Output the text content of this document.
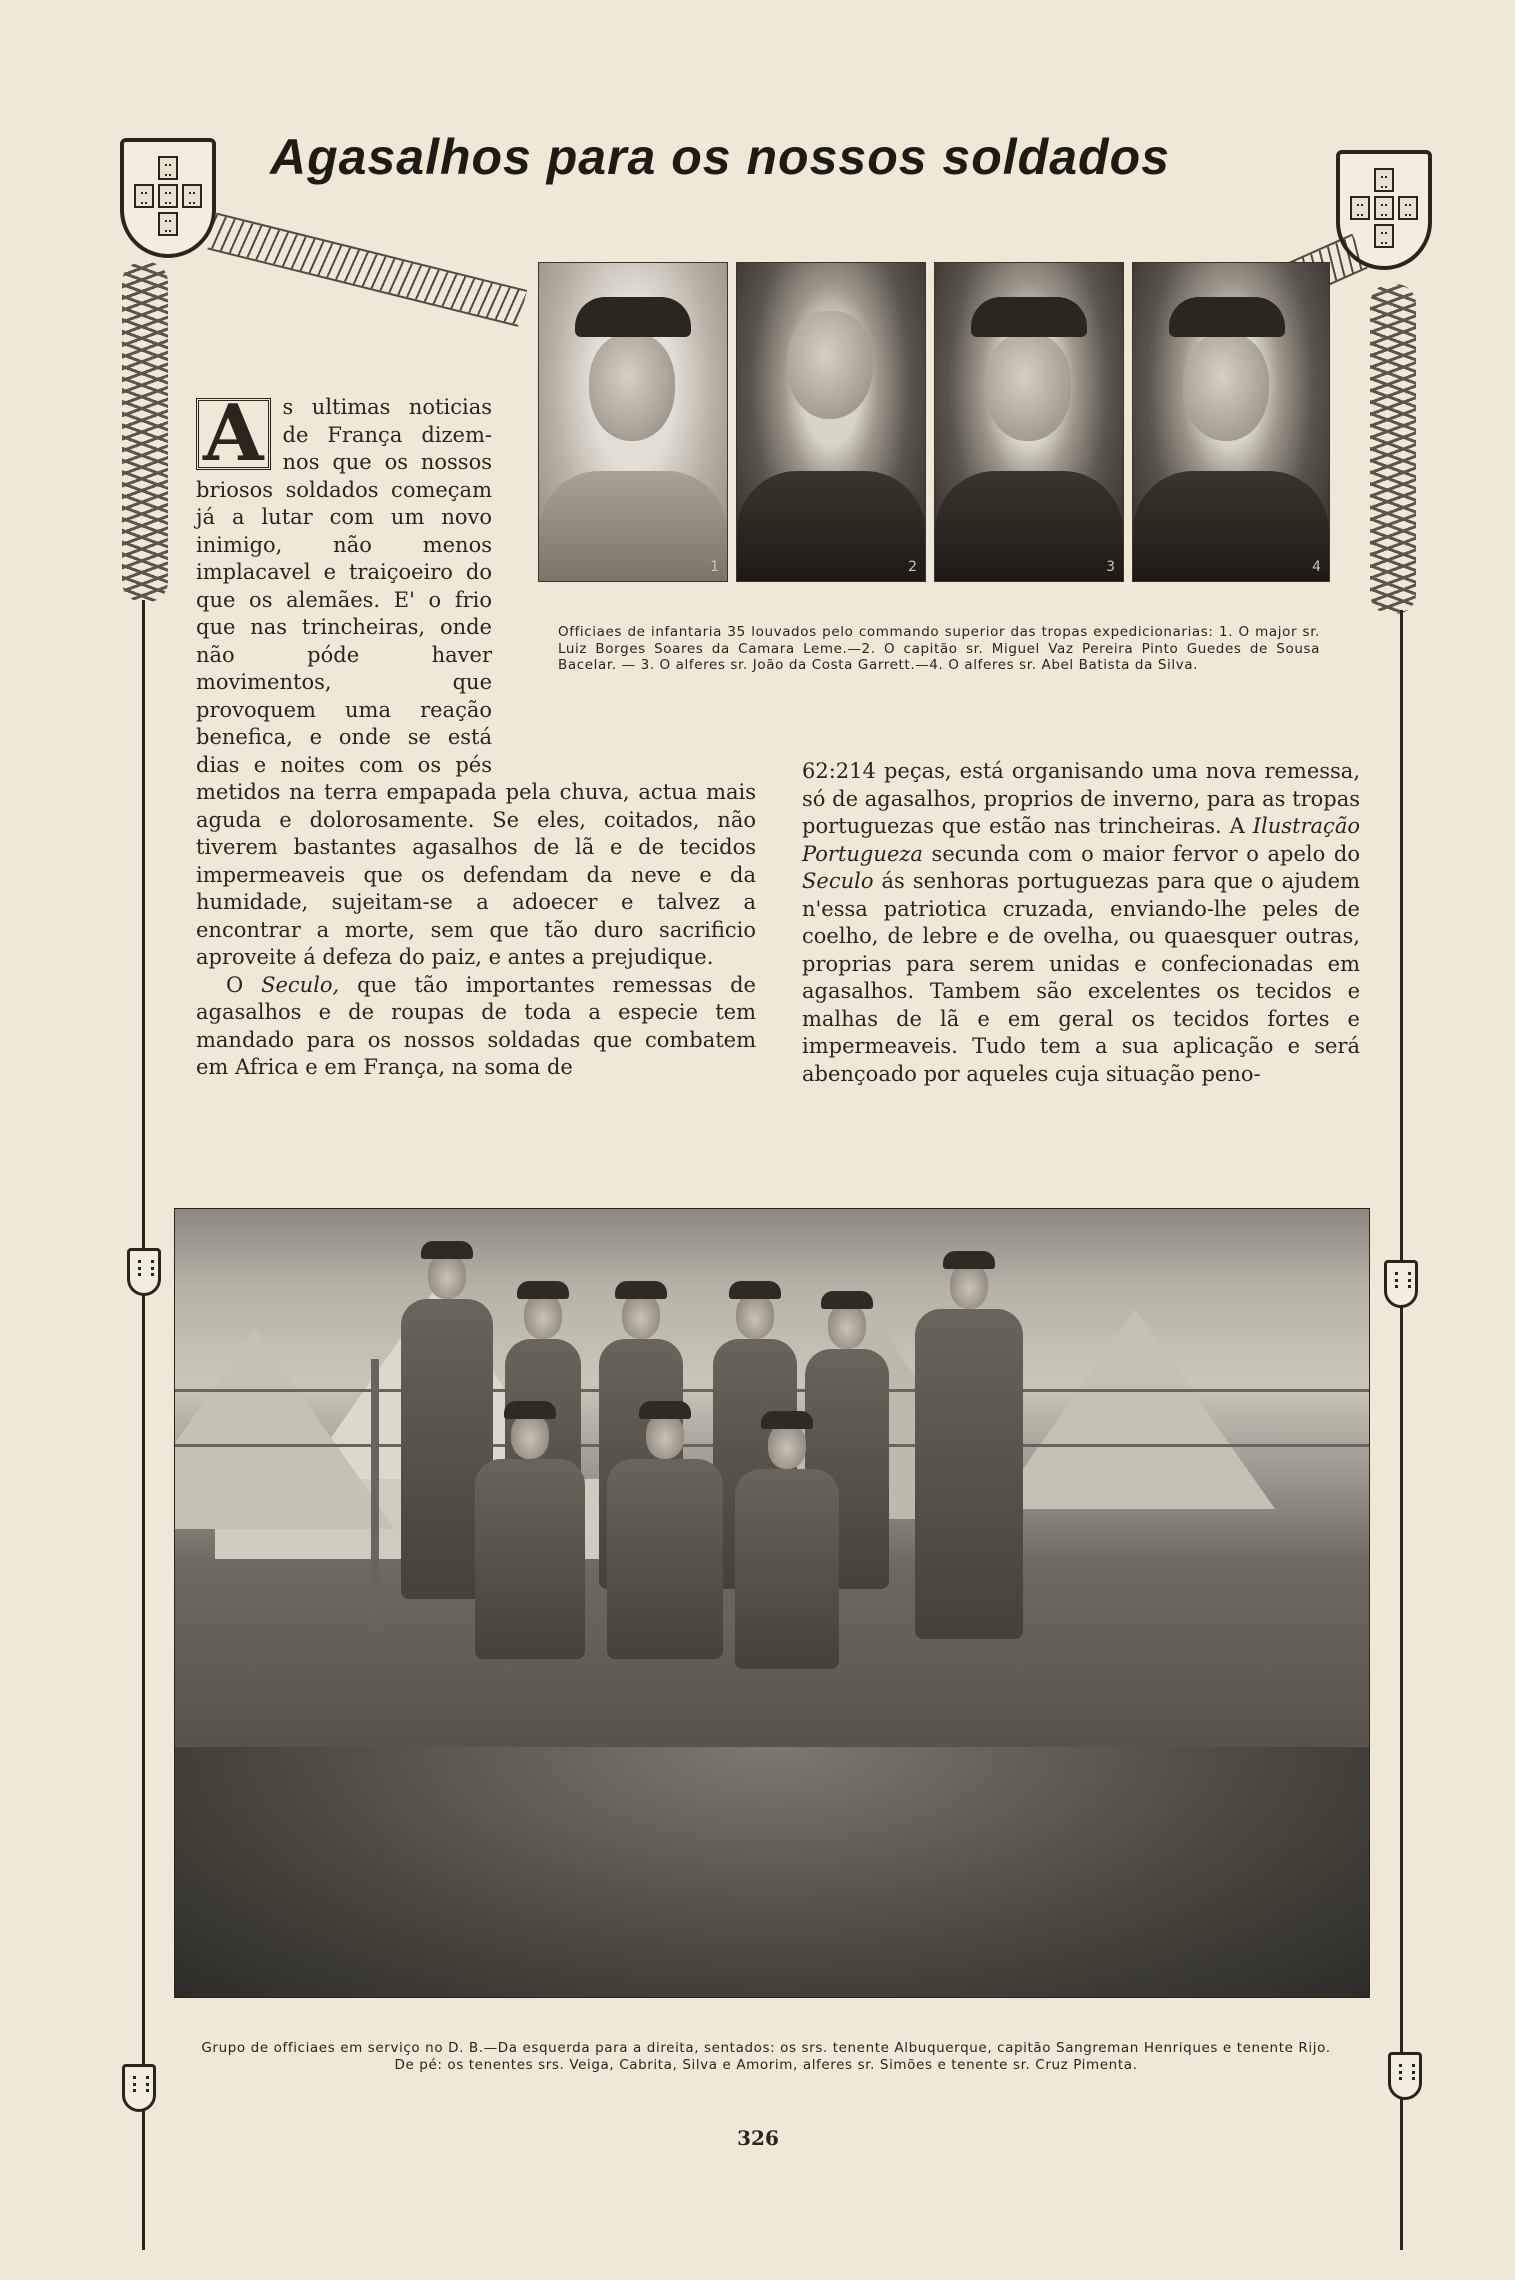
Agasalhos para os nossos soldados
1	2	3	4
Officiaes de infantaria 35 louvados pelo commando superior das tropas expedicionarias: 1. O major sr. Luiz Borges Soares da Camara Leme.—2. O capitão sr. Miguel Vaz Pereira Pinto Guedes de Sousa Bacelar. — 3. O alferes sr. João da Costa Garrett.—4. O alferes sr. Abel Batista da Silva.

A s ultimas noticias de França dizem-nos que os nossos briosos soldados começam já a lutar com um novo inimigo, não menos implacavel e traiçoeiro do que os alemães. E' o frio que nas trincheiras, onde não póde haver movimentos, que provoquem uma reação benefica, e onde se está dias e noites com os pés metidos na terra empapada pela chuva, actua mais aguda e dolorosamente. Se eles, coitados, não tiverem bastantes agasalhos de lã e de tecidos impermeaveis que os defendam da neve e da humidade, sujeitam-se a adoecer e talvez a encontrar a morte, sem que tão duro sacrificio aproveite á defeza do paiz, e antes a prejudique.

O Seculo, que tão importantes remessas de agasalhos e de roupas de toda a especie tem mandado para os nossos soldadas que combatem em Africa e em França, na soma de

62:214 peças, está organisando uma nova remessa, só de agasalhos, proprios de inverno, para as tropas portuguezas que estão nas trincheiras. A Ilustração Portugueza secunda com o maior fervor o apelo do Seculo ás senhoras portuguezas para que o ajudem n'essa patriotica cruzada, enviando-lhe peles de coelho, de lebre e de ovelha, ou quaesquer outras, proprias para serem unidas e confecionadas em agasalhos. Tambem são excelentes os tecidos e malhas de lã e em geral os tecidos fortes e impermeaveis. Tudo tem a sua aplicação e será abençoado por aqueles cuja situação peno-

Grupo de officiaes em serviço no D. B.—Da esquerda para a direita, sentados: os srs. tenente Albuquerque, capitão Sangreman Henriques e tenente Rijo. De pé: os tenentes srs. Veiga, Cabrita, Silva e Amorim, alferes sr. Simões e tenente sr. Cruz Pimenta.
326
